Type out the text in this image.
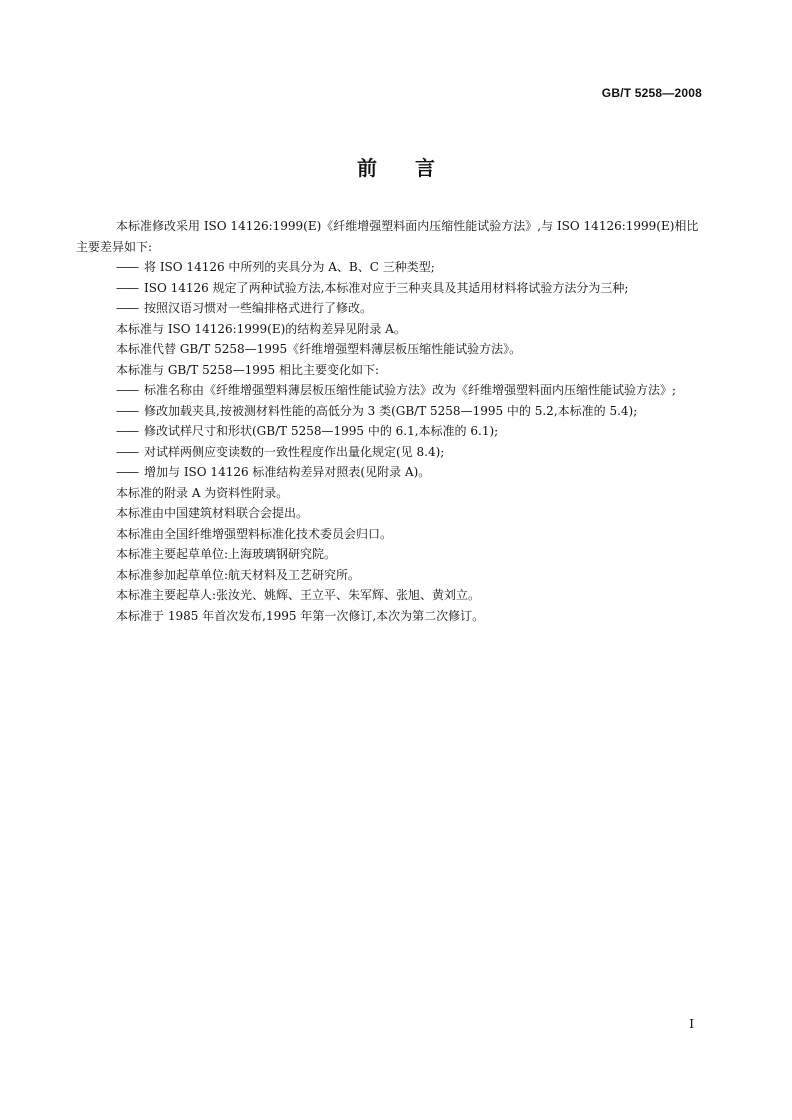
GB/T 5258—2008
前言

本标准修改采用 ISO 14126:1999(E)《纤维增强塑料面内压缩性能试验方法》,与 ISO 14126:1999(E)相比主要差异如下:

—— 将 ISO 14126 中所列的夹具分为 A、B、C 三种类型;

—— ISO 14126 规定了两种试验方法,本标准对应于三种夹具及其适用材料将试验方法分为三种;

—— 按照汉语习惯对一些编排格式进行了修改。

本标准与 ISO 14126:1999(E)的结构差异见附录 A。

本标准代替 GB/T 5258—1995《纤维增强塑料薄层板压缩性能试验方法》。

本标准与 GB/T 5258—1995 相比主要变化如下:

—— 标准名称由《纤维增强塑料薄层板压缩性能试验方法》改为《纤维增强塑料面内压缩性能试验方法》;

—— 修改加载夹具,按被测材料性能的高低分为 3 类(GB/T 5258—1995 中的 5.2,本标准的 5.4);

—— 修改试样尺寸和形状(GB/T 5258—1995 中的 6.1,本标准的 6.1);

—— 对试样两侧应变读数的一致性程度作出量化规定(见 8.4);

—— 增加与 ISO 14126 标准结构差异对照表(见附录 A)。

本标准的附录 A 为资料性附录。

本标准由中国建筑材料联合会提出。

本标准由全国纤维增强塑料标准化技术委员会归口。

本标准主要起草单位:上海玻璃钢研究院。

本标准参加起草单位:航天材料及工艺研究所。

本标准主要起草人:张汝光、姚辉、王立平、朱军辉、张旭、黄刘立。

本标准于 1985 年首次发布,1995 年第一次修订,本次为第二次修订。

I
